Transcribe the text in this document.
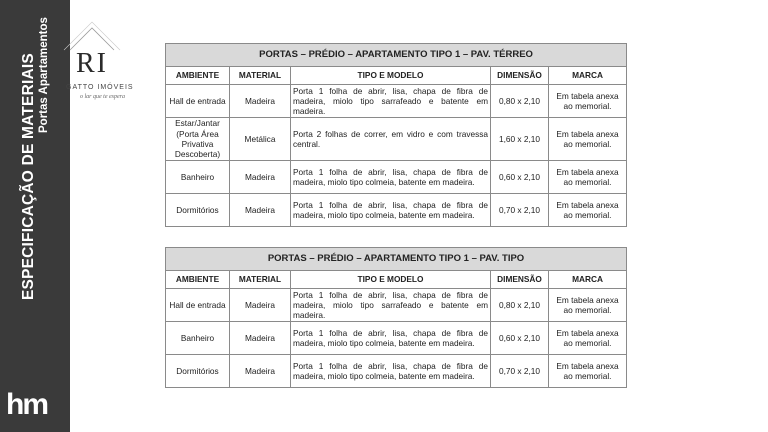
ESPECIFICAÇÃO DE MATERIAIS Portas Apartamentos
hm
RI
GATTO IMÓVEIS
o lar que te espera
PORTAS – PRÉDIO – APARTAMENTO TIPO 1 – PAV. TÉRREO				
AMBIENTE	MATERIAL	TIPO E MODELO	DIMENSÃO	MARCA
Hall de entrada	Madeira	Porta 1 folha de abrir, lisa, chapa de fibra de madeira, miolo tipo sarrafeado e batente em madeira.	0,80 x 2,10	Em tabela anexa ao memorial.
Estar/Jantar (Porta Área Privativa Descoberta)	Metálica	Porta 2 folhas de correr, em vidro e com travessa central.	1,60 x 2,10	Em tabela anexa ao memorial.
Banheiro	Madeira	Porta 1 folha de abrir, lisa, chapa de fibra de madeira, miolo tipo colmeia, batente em madeira.	0,60 x 2,10	Em tabela anexa ao memorial.
Dormitórios	Madeira	Porta 1 folha de abrir, lisa, chapa de fibra de madeira, miolo tipo colmeia, batente em madeira.	0,70 x 2,10	Em tabela anexa ao memorial.
PORTAS – PRÉDIO – APARTAMENTO TIPO 1 – PAV. TIPO				
AMBIENTE	MATERIAL	TIPO E MODELO	DIMENSÃO	MARCA
Hall de entrada	Madeira	Porta 1 folha de abrir, lisa, chapa de fibra de madeira, miolo tipo sarrafeado e batente em madeira.	0,80 x 2,10	Em tabela anexa ao memorial.
Banheiro	Madeira	Porta 1 folha de abrir, lisa, chapa de fibra de madeira, miolo tipo colmeia, batente em madeira.	0,60 x 2,10	Em tabela anexa ao memorial.
Dormitórios	Madeira	Porta 1 folha de abrir, lisa, chapa de fibra de madeira, miolo tipo colmeia, batente em madeira.	0,70 x 2,10	Em tabela anexa ao memorial.
